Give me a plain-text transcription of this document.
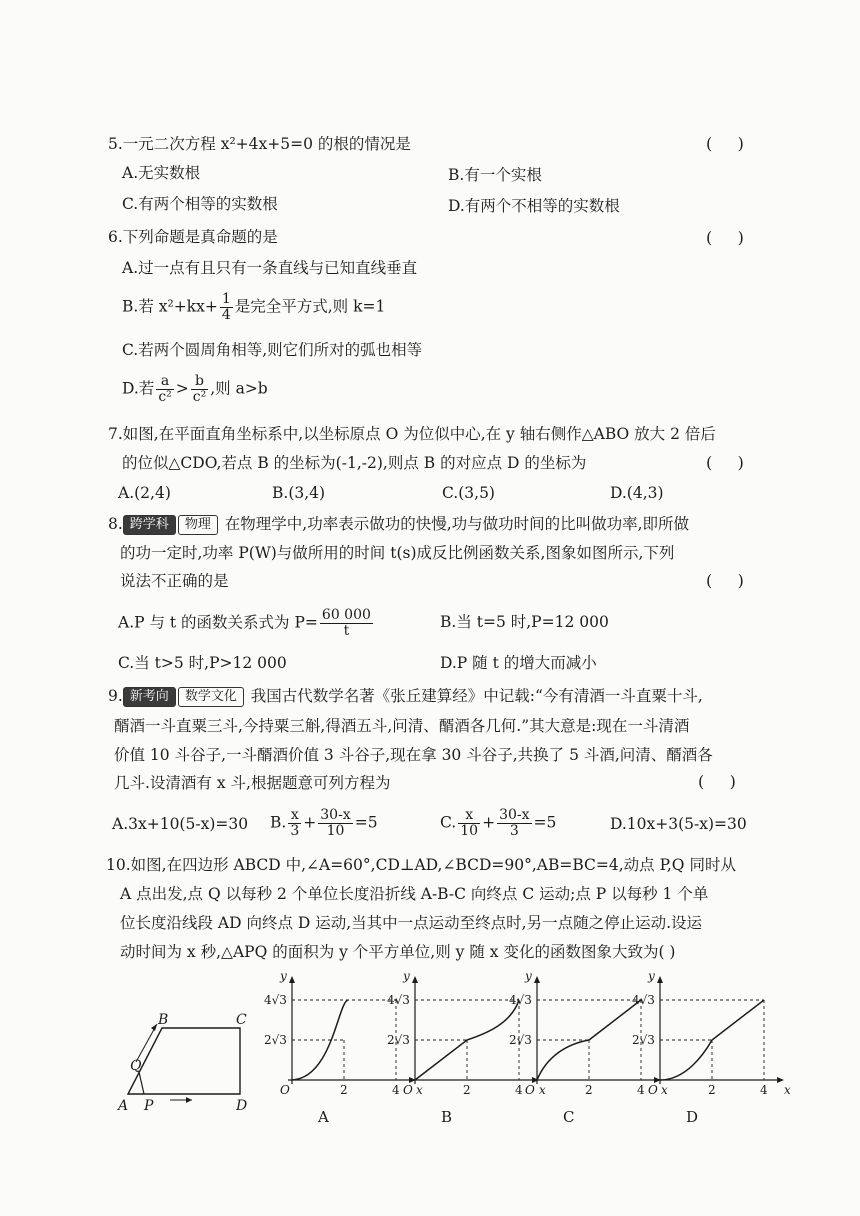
5.一元二次方程 x²+4x+5=0 的根的情况是	(     )
A.无实数根	B.有一个实根
C.有两个相等的实数根	D.有两个不相等的实数根
6.下列命题是真命题的是	(     )
A.过一点有且只有一条直线与已知直线垂直
B.若 $x^2+kx+ \frac{1}{4}$ 是完全平方式,则 k=1
C.若两个圆周角相等,则它们所对的弧也相等
D.若 $\frac{a}{\text{c²}} > \frac{b}{\text{c²}}$ ,则 a>b
7.如图,在平面直角坐标系中,以坐标原点 O 为位似中心,在 y 轴右侧作△ABO 放大 2 倍后
的位似△CDO,若点 B 的坐标为(-1,-2),则点 B 的对应点 D 的坐标为	(     )
A.(2,4)	B.(3,4)	C.(3,5)	D.(4,3)
8. 跨学科 物理 在物理学中,功率表示做功的快慢,功与做功时间的比叫做功率,即所做
的功一定时,功率 P(W)与做所用的时间 t(s)成反比例函数关系,图象如图所示,下列
说法不正确的是	(     )
A.P 与 t 的函数关系式为 $P= \frac{60 000}{t}$	B.当 t=5 时,P=12 000
C.当 t>5 时,P>12 000	D.P 随 t 的增大而减小
9. 新考向 数学文化 我国古代数学名著《张丘建算经》中记载:“今有清酒一斗直粟十斗,
醑酒一斗直粟三斗,今持粟三斛,得酒五斗,问清、醑酒各几何.”其大意是:现在一斗清酒
价值 10 斗谷子,一斗醑酒价值 3 斗谷子,现在拿 30 斗谷子,共换了 5 斗酒,问清、醑酒各
几斗.设清酒有 x 斗,根据题意可列方程为	(     )
A.3x+10(5-x)=30 B. $\frac{x}{3} + \frac{30-x}{10} =5$	C. $\frac{x}{10} + \frac{30-x}{3} =5$	D.10x+3(5-x)=30
10.如图,在四边形 ABCD 中,∠A=60°,CD⊥AD,∠BCD=90°,AB=BC=4,动点 P,Q 同时从
A 点出发,点 Q 以每秒 2 个单位长度沿折线 A-B-C 向终点 C 运动;点 P 以每秒 1 个单
位长度沿线段 AD 向终点 D 运动,当其中一点运动至终点时,另一点随之停止运动.设运
动时间为 x 秒,△APQ 的面积为 y 个平方单位,则 y 随 x 变化的函数图象大致为( )
A
B	C
D
P
Q
y
x
O	2	4
4√3
2√3
A
y
x
O	2	4
4√3
2√3
B
y
x
O	2	4
4√3
2√3
C
y
x
O	2	4
4√3
2√3
D
